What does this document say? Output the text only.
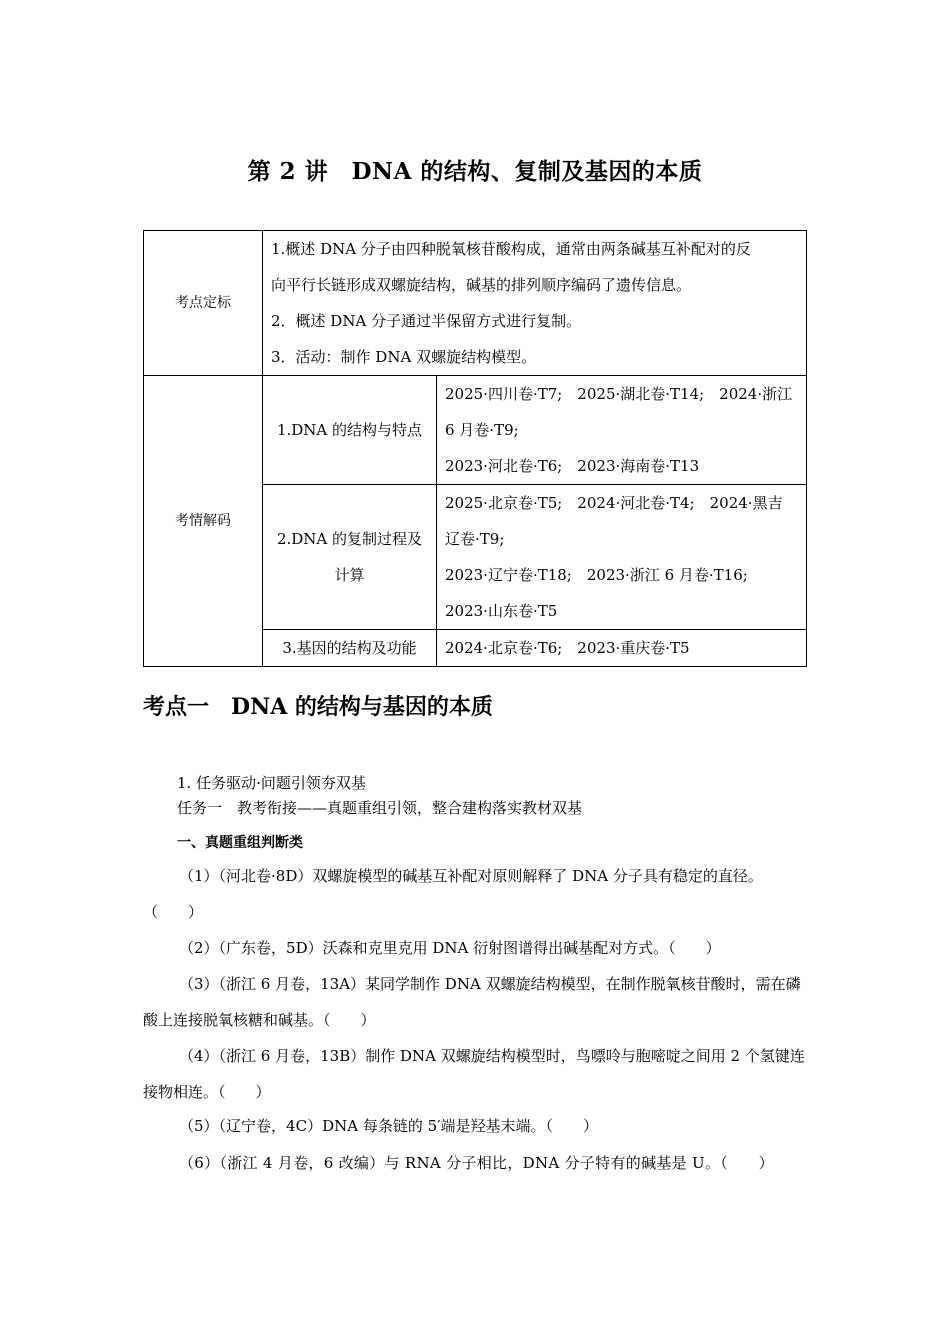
第 2 讲　DNA 的结构、复制及基因的本质
考点定标	1.概述 DNA 分子由四种脱氧核苷酸构成，通常由两条碱基互补配对的反
向平行长链形成双螺旋结构，碱基的排列顺序编码了遗传信息。
2．概述 DNA 分子通过半保留方式进行复制。
3．活动：制作 DNA 双螺旋结构模型。	

考情解码	1.DNA 的结构与特点	2025·四川卷·T7;　2025·湖北卷·T14;　2024·浙江
6 月卷·T9;
2023·河北卷·T6;　2023·海南卷·T13

	2.DNA 的复制过程及
计算	2025·北京卷·T5;　2024·河北卷·T4;　2024·黑吉
辽卷·T9;
2023·辽宁卷·T18;　2023·浙江 6 月卷·T16;
2023·山东卷·T5

	3.基因的结构及功能	2024·北京卷·T6;　2023·重庆卷·T5
考点一　DNA 的结构与基因的本质
1. 任务驱动·问题引领夯双基
任务一　教考衔接——真题重组引领，整合建构落实教材双基
一、真题重组判断类
（1）（河北卷·8D）双螺旋模型的碱基互补配对原则解释了 DNA 分子具有稳定的直径。（　　）
（2）（广东卷，5D）沃森和克里克用 DNA 衍射图谱得出碱基配对方式。（　　）
（3）（浙江 6 月卷，13A）某同学制作 DNA 双螺旋结构模型，在制作脱氧核苷酸时，需在磷酸上连接脱氧核糖和碱基。（　　）
（4）（浙江 6 月卷，13B）制作 DNA 双螺旋结构模型时，鸟嘌呤与胞嘧啶之间用 2 个氢键连接物相连。（　　）
（5）（辽宁卷，4C）DNA 每条链的 5′端是羟基末端。（　　）
（6）（浙江 4 月卷，6 改编）与 RNA 分子相比，DNA 分子特有的碱基是 U。（　　）
